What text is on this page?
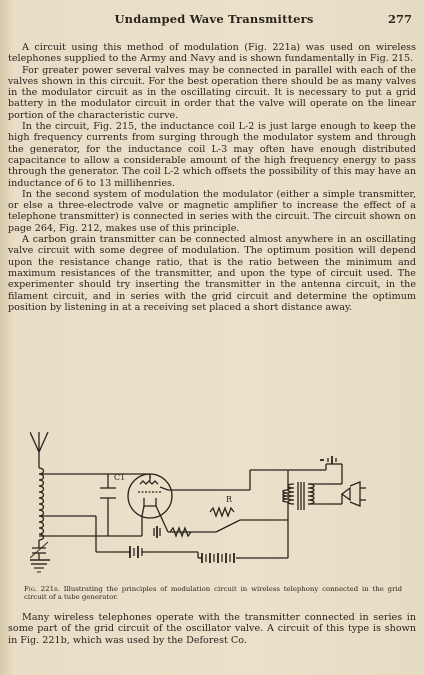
Undamped Wave Transmitters	277

A circuit using this method of modulation (Fig. 221a) was used on wireless telephones supplied to the Army and Navy and is shown fundamentally in Fig. 215.

For greater power several valves may be connected in parallel with each of the valves shown in this circuit. For the best operation there should be as many valves in the modulator circuit as in the oscillating circuit. It is necessary to put a grid battery in the modulator circuit in order that the valve will operate on the linear portion of the characteristic curve.

In the circuit, Fig. 215, the inductance coil L-2 is just large enough to keep the high frequency currents from surging through the modulator system and through the generator, for the inductance coil L-3 may often have enough distributed capacitance to allow a considerable amount of the high frequency energy to pass through the generator. The coil L-2 which offsets the possibility of this may have an inductance of 6 to 13 millihenries.

In the second system of modulation the modulator (either a simple transmitter, or else a three-electrode valve or magnetic amplifier to increase the effect of a telephone transmitter) is connected in series with the circuit. The circuit shown on page 264, Fig. 212, makes use of this principle.

A carbon grain transmitter can be connected almost anywhere in an oscillating valve circuit with some degree of modulation. The optimum position will depend upon the resistance change ratio, that is the ratio between the minimum and maximum resistances of the transmitter, and upon the type of circuit used. The experimenter should try inserting the transmitter in the antenna circuit, in the filament circuit, and in series with the grid circuit and determine the optimum position by listening in at a receiving set placed a short distance away.

C1
R
Fig. 221b. Illustrating the principles of modulation circuit in wireless telephony connected in the grid circuit of a tube generator.

Many wireless telephones operate with the transmitter connected in series in some part of the grid circuit of the oscillator valve. A circuit of this type is shown in Fig. 221b, which was used by the Deforest Co.
